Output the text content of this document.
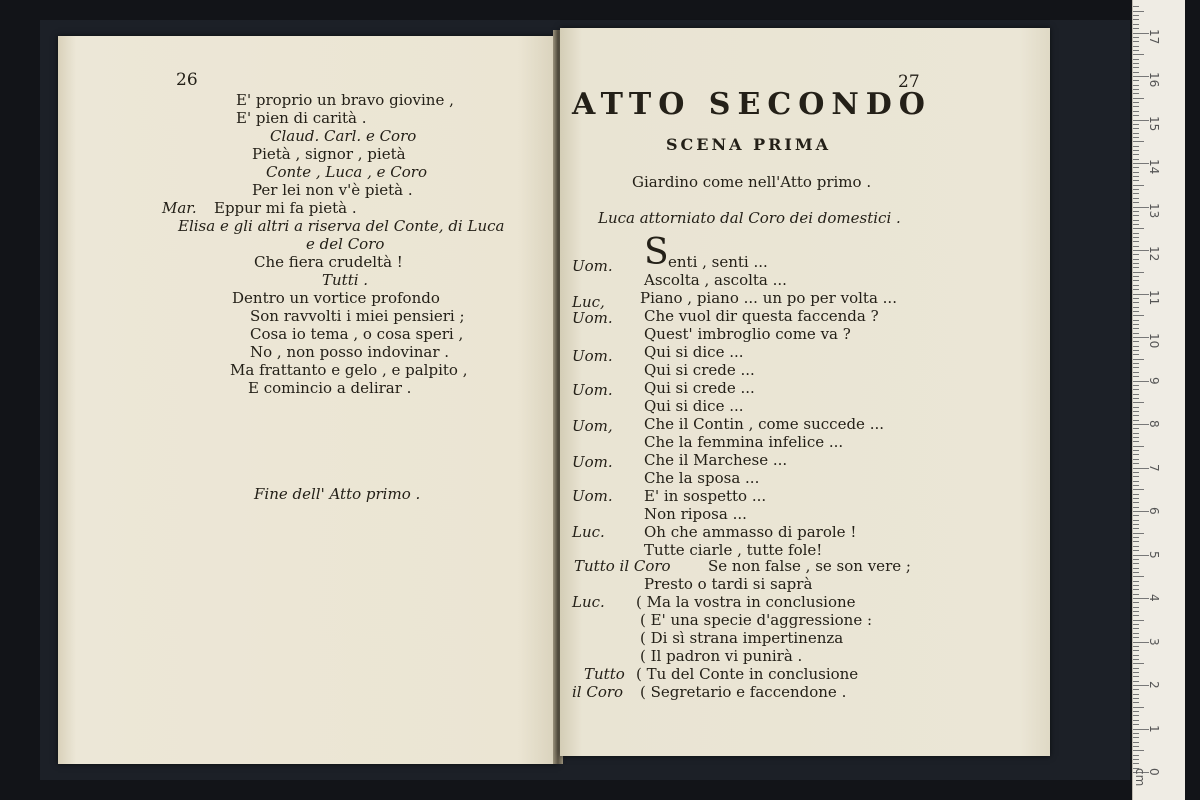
26
E' proprio un bravo giovine ,
E' pien di carità .
Claud. Carl. e Coro
Pietà , signor , pietà
Conte , Luca , e Coro
Per lei non v'è pietà .
Mar. Eppur mi fa pietà .
Elisa e gli altri a riserva del Conte, di Luca
e del Coro
Che fiera crudeltà !
Tutti .
Dentro un vortice profondo
Son ravvolti i miei pensieri ;
Cosa io tema , o cosa speri ,
No , non posso indovinar .
Ma frattanto e gelo , e palpito ,
E comincio a delirar .
Fine dell' Atto primo .
27
ATTO SECONDO
SCENA PRIMA
Giardino come nell'Atto primo .
Luca attorniato dal Coro dei domestici .
Uom.
Luc,
Uom.
Uom.
Uom.
Uom,
Uom.
Uom.
Luc.
Tutto il Coro
Luc.
Tutto
il Coro
S enti , senti ...
Ascolta , ascolta ...
Piano , piano ... un po per volta ...
Che vuol dir questa faccenda ?
Quest' imbroglio come va ?
Qui si dice ...
Qui si crede ...
Qui si crede ...
Qui si dice ...
Che il Contin , come succede ...
Che la femmina infelice ...
Che il Marchese ...
Che la sposa ...
E' in sospetto ...
Non riposa ...
Oh che ammasso di parole !
Tutte ciarle , tutte fole!
Se non false , se son vere ;
Presto o tardi si saprà
( Ma la vostra in conclusione
( E' una specie d'aggressione :
( Di sì strana impertinenza
( Il padron vi punirà .
( Tu del Conte in conclusione
( Segretario e faccendone .
0 cm
1
2
3
4
5
6
7
8
9
10
11
12
13
14
15
16
17
